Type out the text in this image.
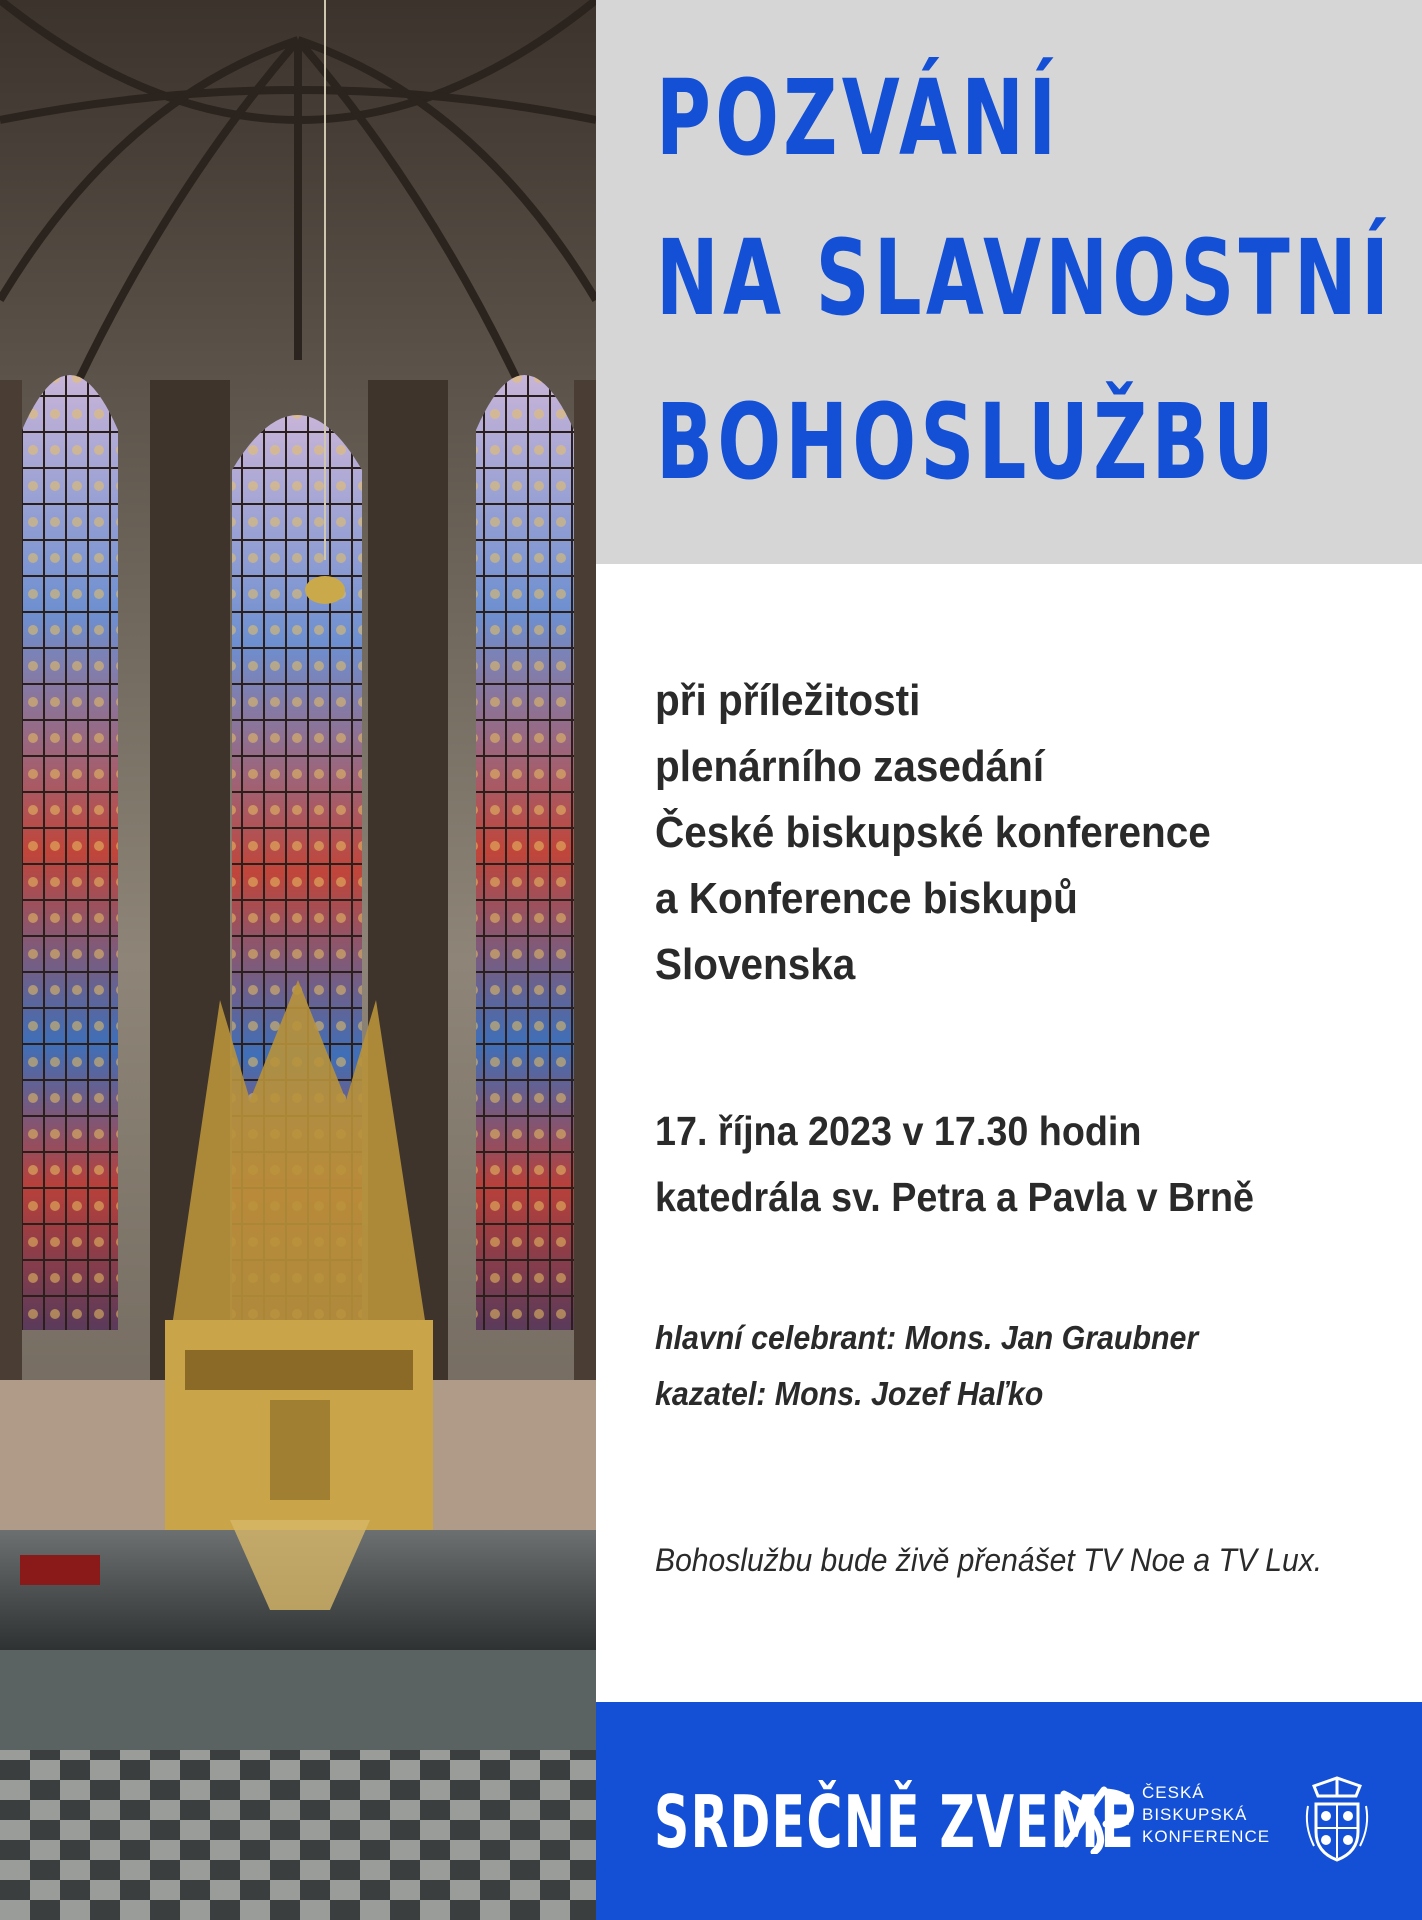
POZVÁNÍ
NA SLAVNOSTNÍ
BOHOSLUŽBU
při příležitosti
plenárního zasedání
České biskupské konference
a Konference biskupů
Slovenska
17. října 2023 v 17.30 hodin
katedrála sv. Petra a Pavla v Brně
hlavní celebrant: Mons. Jan Graubner
kazatel: Mons. Jozef Haľko
Bohoslužbu bude živě přenášet TV Noe a TV Lux.
SRDEČNĚ ZVEME ČESKÁ
BISKUPSKÁ
KONFERENCE
